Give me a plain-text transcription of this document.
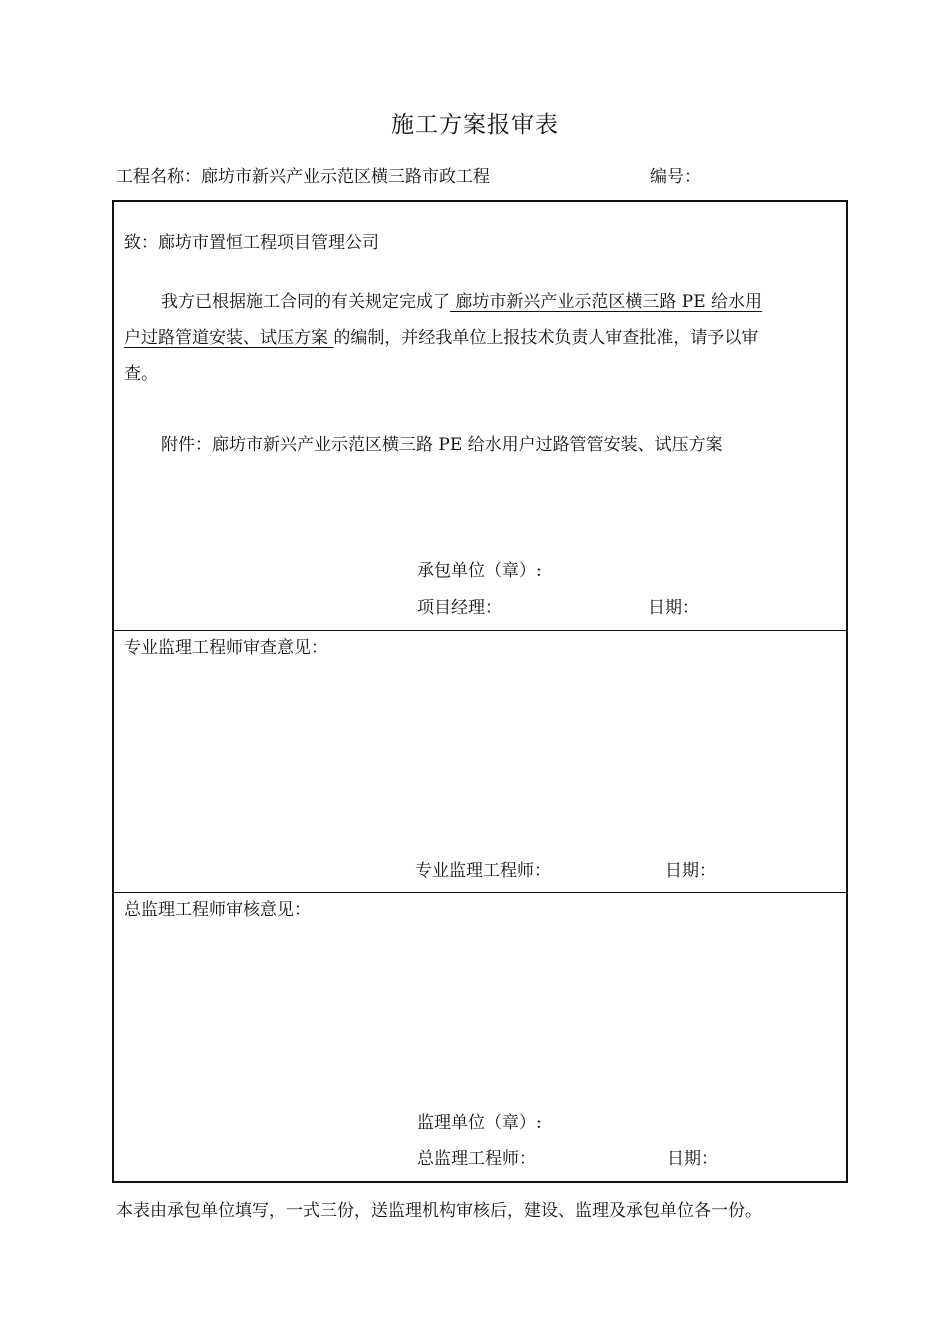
施工方案报审表
工程名称：廊坊市新兴产业示范区横三路市政工程	编号：
致：廊坊市置恒工程项目管理公司
我方已根据施工合同的有关规定完成了 廊坊市新兴产业示范区横三路 PE 给水用
户过路管道安装、试压方案 的编制，并经我单位上报技术负责人审查批准，请予以审
查。
附件：廊坊市新兴产业示范区横三路 PE 给水用户过路管管安装、试压方案
承包单位（章）:
项目经理：	日期：
专业监理工程师审查意见：
专业监理工程师：	日期：
总监理工程师审核意见：
监理单位（章）:
总监理工程师：	日期：
本表由承包单位填写，一式三份，送监理机构审核后，建设、监理及承包单位各一份。
